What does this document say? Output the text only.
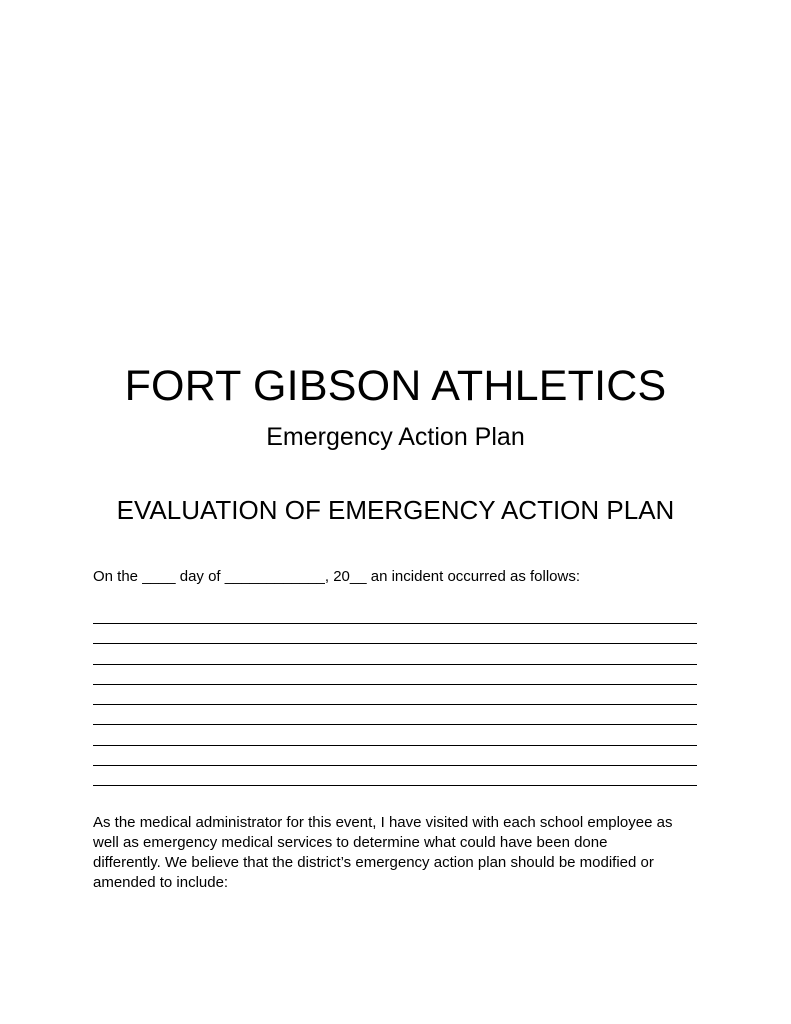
FORT GIBSON ATHLETICS
Emergency Action Plan
EVALUATION OF EMERGENCY ACTION PLAN
On the ____ day of ____________, 20__ an incident occurred as follows:
As the medical administrator for this event, I have visited with each school employee as
well as emergency medical services to determine what could have been done
differently. We believe that the district’s emergency action plan should be modified or
amended to include:
